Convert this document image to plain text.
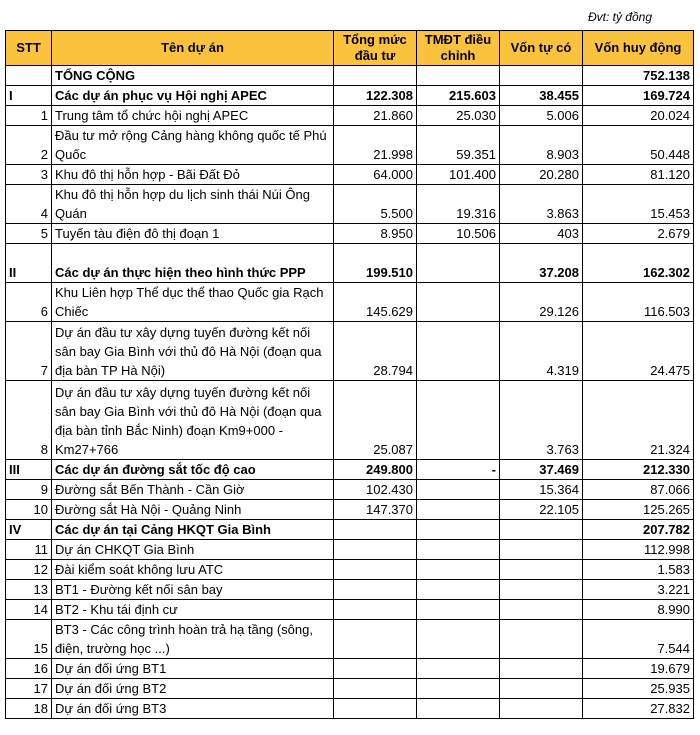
Đvt: tỷ đồng
STT	Tên dự án	Tổng mức đầu tư	TMĐT điều chỉnh	Vốn tự có	Vốn huy động
	TỔNG CỘNG				752.138
I	Các dự án phục vụ Hội nghị APEC	122.308	215.603	38.455	169.724
1	Trung tâm tổ chức hội nghị APEC	21.860	25.030	5.006	20.024
2	Đầu tư mở rộng Cảng hàng không quốc tế Phú Quốc	21.998	59.351	8.903	50.448
3	Khu đô thị hỗn hợp - Bãi Đất Đỏ	64.000	101.400	20.280	81.120
4	Khu đô thị hỗn hợp du lịch sinh thái Núi Ông Quán	5.500	19.316	3.863	15.453
5	Tuyến tàu điện đô thị đoạn 1	8.950	10.506	403	2.679
II	Các dự án thực hiện theo hình thức PPP	199.510		37.208	162.302
6	Khu Liên hợp Thể dục thể thao Quốc gia Rạch Chiếc	145.629		29.126	116.503
7	Dự án đầu tư xây dựng tuyến đường kết nối sân bay Gia Bình với thủ đô Hà Nội (đoạn qua địa bàn TP Hà Nội)	28.794		4.319	24.475
8	Dự án đầu tư xây dựng tuyến đường kết nối sân bay Gia Bình với thủ đô Hà Nội (đoạn qua địa bàn tỉnh Bắc Ninh) đoạn Km9+000 - Km27+766	25.087		3.763	21.324
III	Các dự án đường sắt tốc độ cao	249.800	-	37.469	212.330
9	Đường sắt Bến Thành - Cần Giờ	102.430		15.364	87.066
10	Đường sắt Hà Nội - Quảng Ninh	147.370		22.105	125.265
IV	Các dự án tại Cảng HKQT Gia Bình				207.782
11	Dự án CHKQT Gia Bình				112.998
12	Đài kiểm soát không lưu ATC				1.583
13	BT1 - Đường kết nối sân bay				3.221
14	BT2 - Khu tái định cư				8.990
15	BT3 - Các công trình hoàn trả hạ tầng (sông, điện, trường học ...)				7.544
16	Dự án đối ứng BT1				19.679
17	Dự án đối ứng BT2				25.935
18	Dự án đối ứng BT3				27.832
